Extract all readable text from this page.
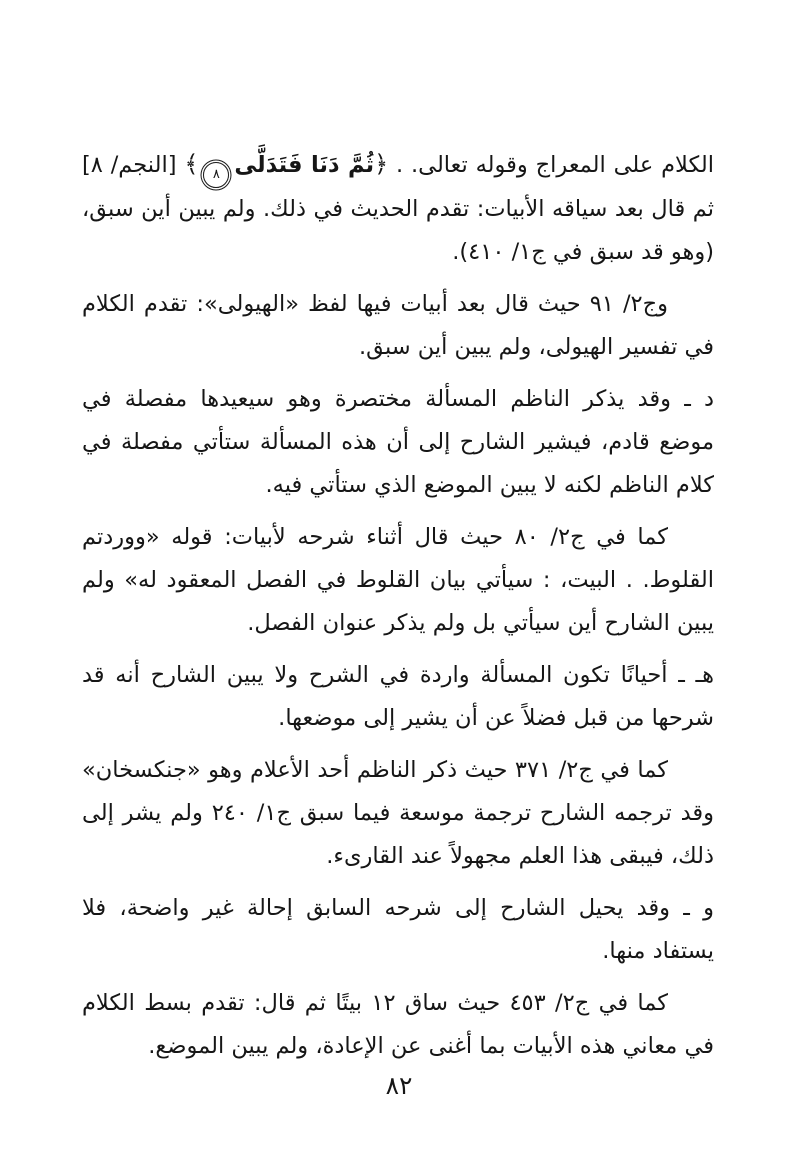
الكلام على المعراج وقوله تعالى. . ﴿ثُمَّ دَنَا فَتَدَلَّى٨﴾ [النجم/ ٨] ثم قال بعد سياقه الأبيات: تقدم الحديث في ذلك. ولم يبين أين سبق، (وهو قد سبق في ج١/ ٤١٠).

وج٢/ ٩١ حيث قال بعد أبيات فيها لفظ «الهيولى»: تقدم الكلام في تفسير الهيولى، ولم يبين أين سبق.

د ـ وقد يذكر الناظم المسألة مختصرة وهو سيعيدها مفصلة في موضع قادم، فيشير الشارح إلى أن هذه المسألة ستأتي مفصلة في كلام الناظم لكنه لا يبين الموضع الذي ستأتي فيه.

كما في ج٢/ ٨٠ حيث قال أثناء شرحه لأبيات: قوله «ووردتم القلوط. . البيت، : سيأتي بيان القلوط في الفصل المعقود له» ولم يبين الشارح أين سيأتي بل ولم يذكر عنوان الفصل.

هـ ـ أحيانًا تكون المسألة واردة في الشرح ولا يبين الشارح أنه قد شرحها من قبل فضلاً عن أن يشير إلى موضعها.

كما في ج٢/ ٣٧١ حيث ذكر الناظم أحد الأعلام وهو «جنكسخان» وقد ترجمه الشارح ترجمة موسعة فيما سبق ج١/ ٢٤٠ ولم يشر إلى ذلك، فيبقى هذا العلم مجهولاً عند القارىء.

و ـ وقد يحيل الشارح إلى شرحه السابق إحالة غير واضحة، فلا يستفاد منها.

كما في ج٢/ ٤٥٣ حيث ساق ١٢ بيتًا ثم قال: تقدم بسط الكلام في معاني هذه الأبيات بما أغنى عن الإعادة، ولم يبين الموضع.

٨٢
